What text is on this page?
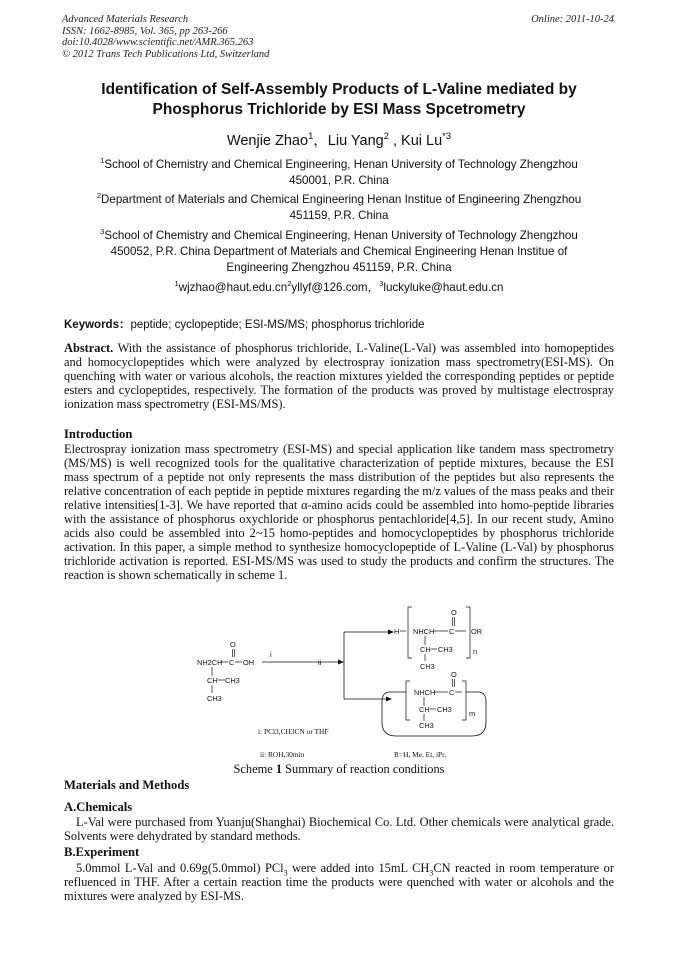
Advanced Materials Research
ISSN: 1662-8985, Vol. 365, pp 263-266
doi:10.4028/www.scientific.net/AMR.365.263
© 2012 Trans Tech Publications Ltd, Switzerland
Online: 2011-10-24
Identification of Self-Assembly Products of L-Valine mediated by
Phosphorus Trichloride by ESI Mass Spcetrometry
Wenjie Zhao$^1$，Liu Yang$^2$ , Kui Lu$^{*3}$
$^1$School of Chemistry and Chemical Engineering, Henan University of Technology Zhengzhou
450001, P.R. China
$^2$Department of Materials and Chemical Engineering Henan Institue of Engineering Zhengzhou
451159, P.R. China
$^3$School of Chemistry and Chemical Engineering, Henan University of Technology Zhengzhou
450052, P.R. China Department of Materials and Chemical Engineering Henan Institue of
Engineering Zhengzhou 451159, P.R. China
$^1wjzhao@haut.edu.cn^2yllyf@126.com$，$^3$luckyluke@haut.edu.cn
Keywords：peptide; cyclopeptide; ESI-MS/MS; phosphorus trichloride
Abstract. With the assistance of phosphorus trichloride, L-Valine(L-Val) was assembled into homopeptides and homocyclopeptides which were analyzed by electrospray ionization mass spectrometry(ESI-MS). On quenching with water or various alcohols, the reaction mixtures yielded the corresponding peptides or peptide esters and cyclopeptides, respectively. The formation of the products was proved by multistage electrospray ionization mass spectrometry (ESI-MS/MS).
Introduction
Electrospray ionization mass spectrometry (ESI-MS) and special application like tandem mass spectrometry (MS/MS) is well recognized tools for the qualitative characterization of peptide mixtures, because the ESI mass spectrum of a peptide not only represents the mass distribution of the peptides but also represents the relative concentration of each peptide in peptide mixtures regarding the m/z values of the mass peaks and their relative intensities[1-3]. We have reported that α-amino acids could be assembled into homo-peptide libraries with the assistance of phosphorus oxychloride or phosphorus pentachloride[4,5]. In our recent study, Amino acids also could be assembled into 2~15 homo-peptides and homocyclopeptides by phosphorus trichloride activation. In this paper, a simple method to synthesize homocyclopeptide of L-Valine (L-Val) by phosphorus trichloride activation is reported. ESI-MS/MS was used to study the products and confirm the structures. The reaction is shown schematically in scheme 1.
O
NH2CH C OH
CH CH3
CH3
i
ii
H NHCH C
O
OR
n
CH CH3
CH3
NHCH C
O
m
CH CH3
CH3
i: PCl3,CH3CN or THF
ii: ROH,30min	R=H, Me, Et, iPr,
Scheme 1 Summary of reaction conditions
Materials and Methods
A.Chemicals
L-Val were purchased from Yuanju(Shanghai) Biochemical Co. Ltd. Other chemicals were analytical grade. Solvents were dehydrated by standard methods.
B.Experiment
5.0mmol L-Val and 0.69g(5.0mmol) PCl$_3$ were added into 15mL $CH_3CN$ reacted in room temperature or refluenced in THF. After a certain reaction time the products were quenched with water or alcohols and the mixtures were analyzed by ESI-MS.
